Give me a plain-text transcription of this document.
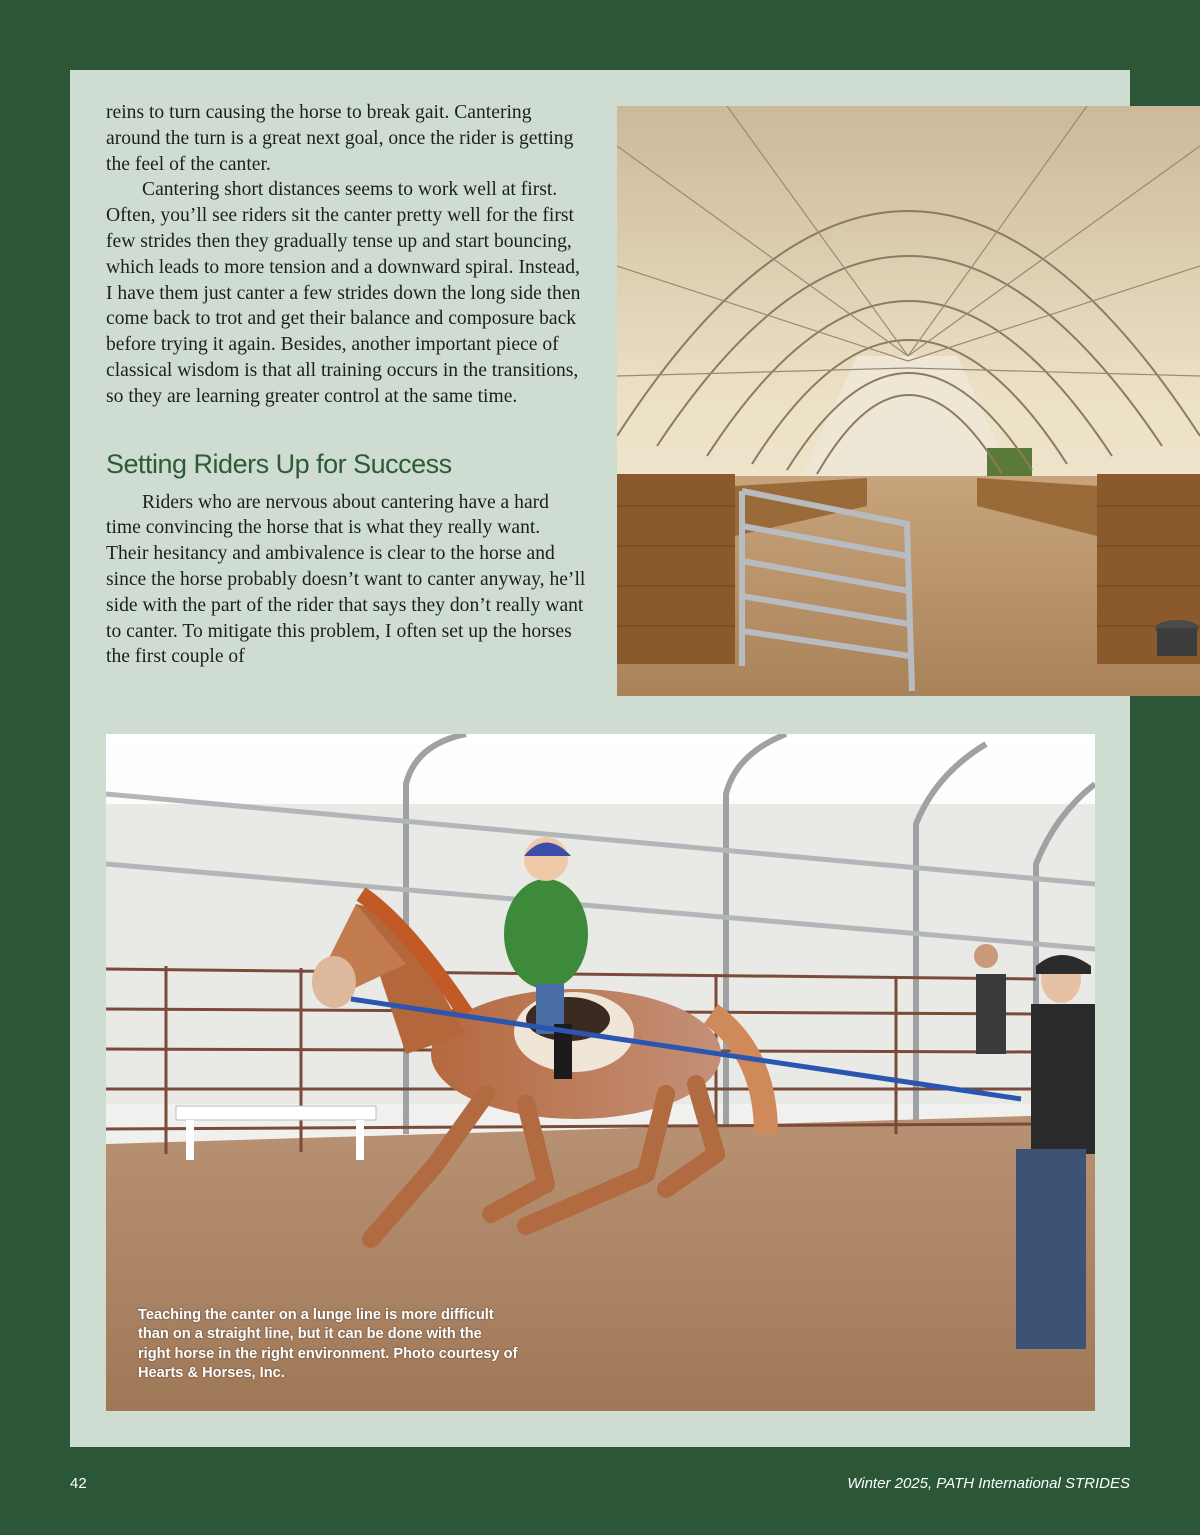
reins to turn causing the horse to break gait. Cantering around the turn is a great next goal, once the rider is getting the feel of the canter.

Cantering short distances seems to work well at first. Often, you’ll see riders sit the canter pretty well for the first few strides then they gradually tense up and start bouncing, which leads to more tension and a downward spiral. Instead, I have them just canter a few strides down the long side then come back to trot and get their balance and composure back before trying it again. Besides, another important piece of classical wisdom is that all training occurs in the transitions, so they are learning greater control at the same time.

Setting Riders Up for Success

Riders who are nervous about cantering have a hard time convincing the horse that is what they really want. Their hesitancy and ambivalence is clear to the horse and since the horse probably doesn’t want to canter anyway, he’ll side with the part of the rider that says they don’t really want to canter. To mitigate this problem, I often set up the horses the first couple of

Teaching the canter on a lunge line is more difficult than on a straight line, but it can be done with the right horse in the right environment. Photo courtesy of Hearts & Horses, Inc.
42	Winter 2025, PATH International STRIDES
